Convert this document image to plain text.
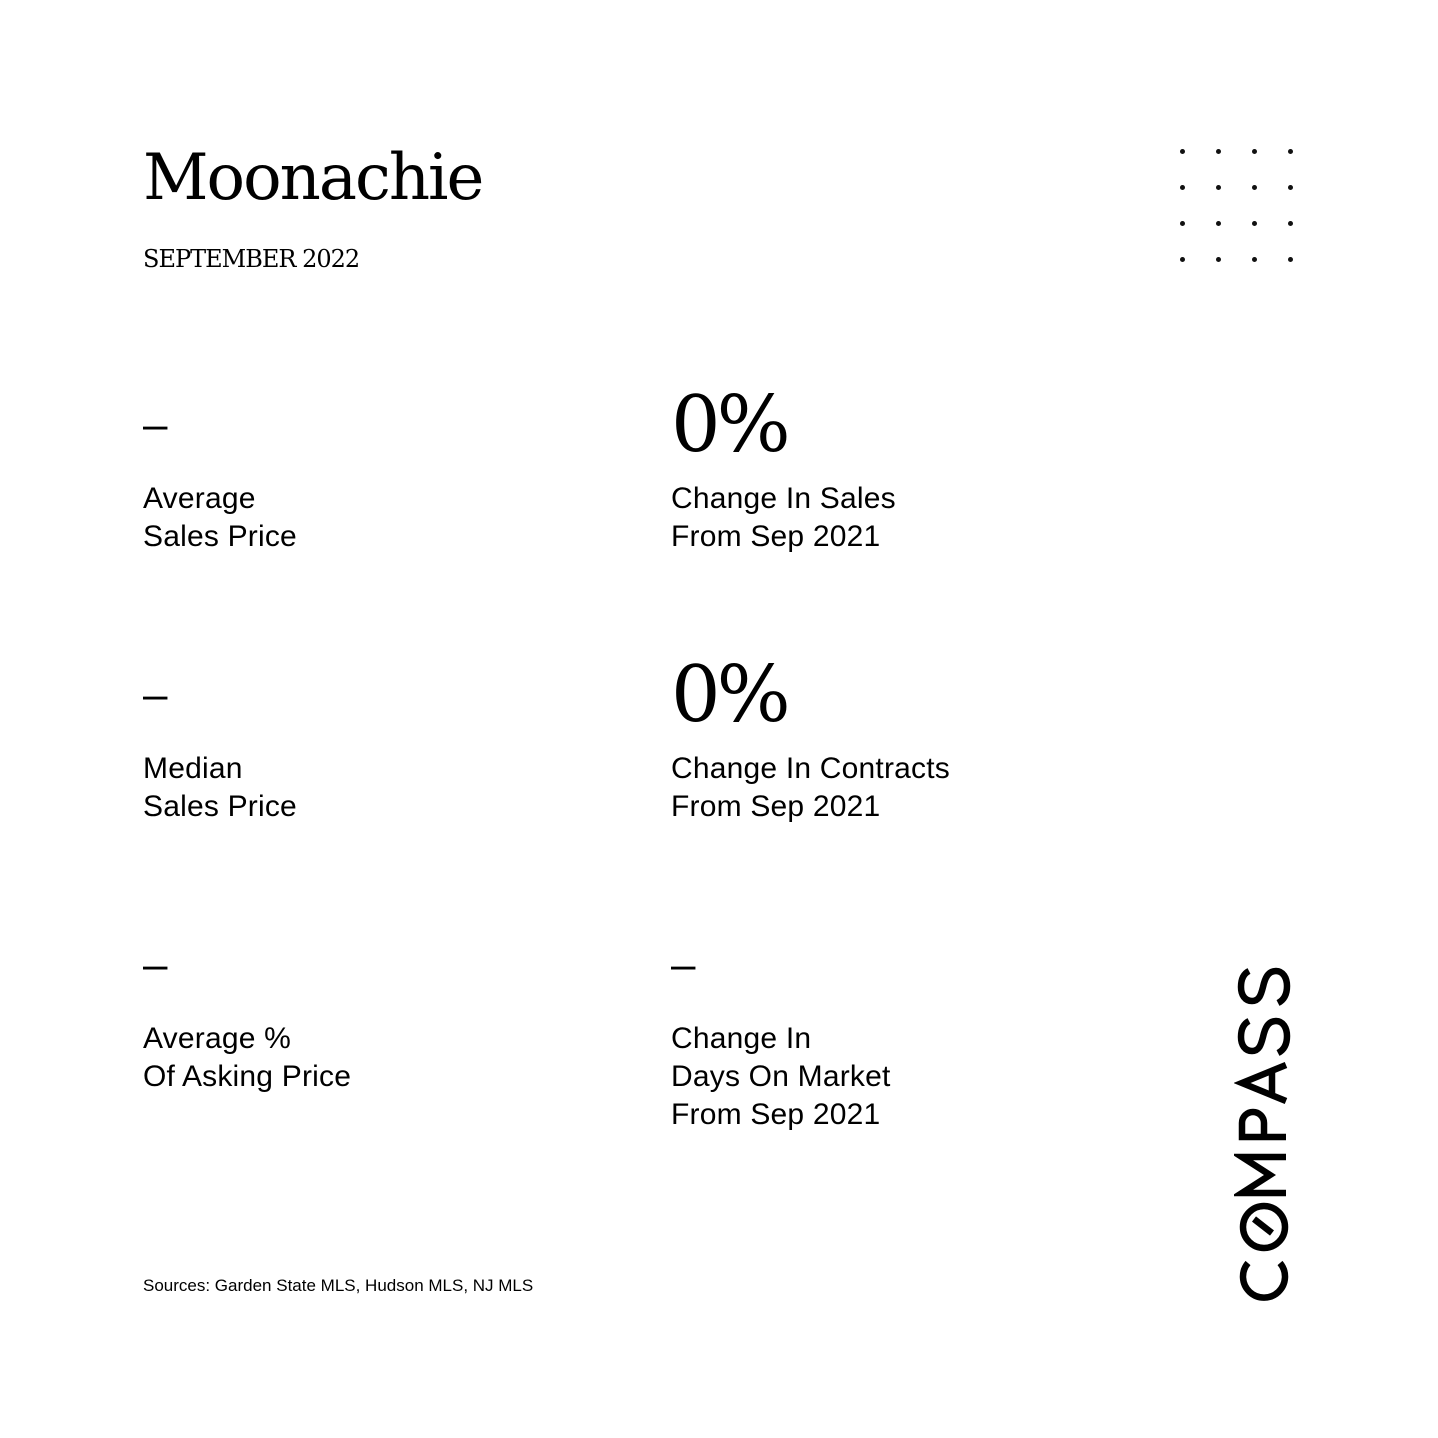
Moonachie
SEPTEMBER 2022
–
Average
Sales Price
0%
Change In Sales
From Sep 2021
–
Median
Sales Price
0%
Change In Contracts
From Sep 2021
–
Average %
Of Asking Price
–
Change In
Days On Market
From Sep 2021
Sources: Garden State MLS, Hudson MLS, NJ MLS
